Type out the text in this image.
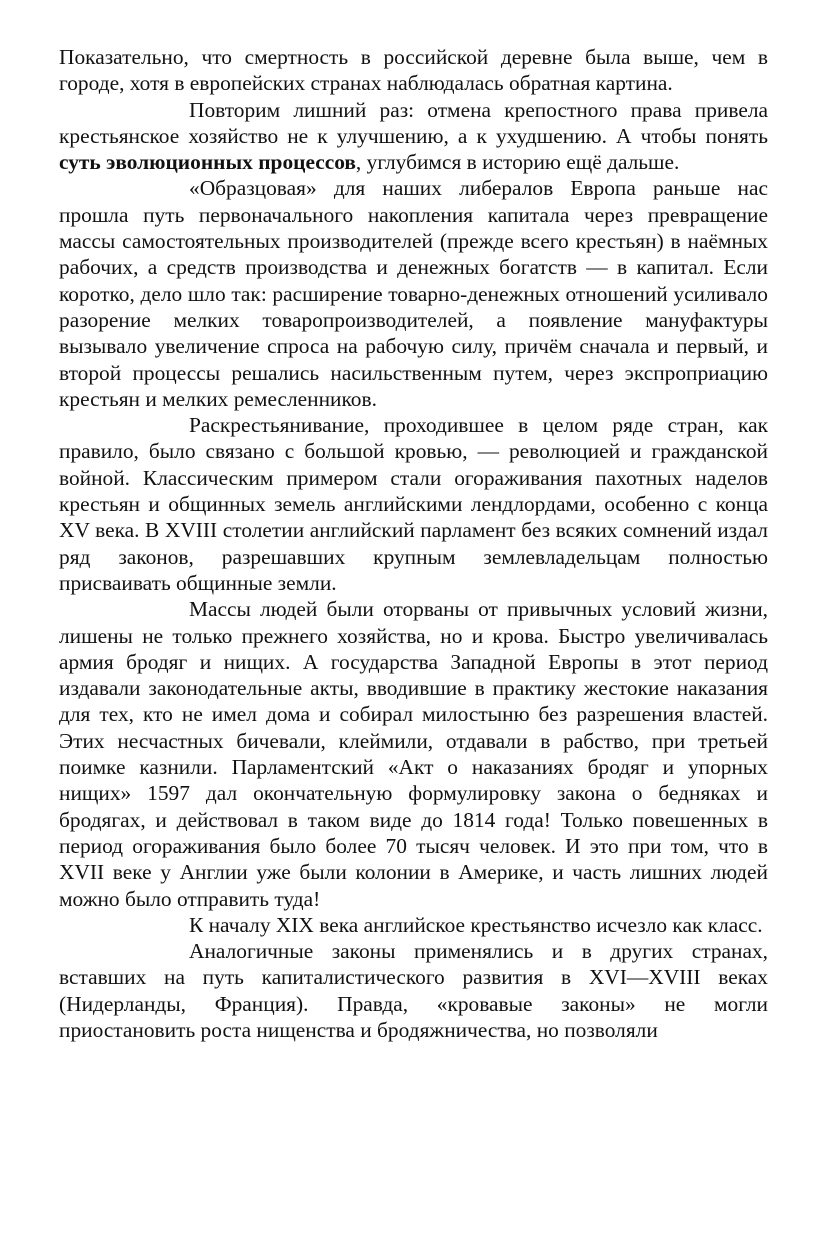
Показательно, что смертность в российской деревне была выше, чем в городе, хотя в европейских странах наблюдалась обратная картина.

Повторим лишний раз: отмена крепостного права привела крестьянское хозяйство не к улучшению, а к ухудшению. А чтобы понять суть эволюционных процессов, углубимся в историю ещё дальше.

«Образцовая» для наших либералов Европа раньше нас прошла путь первоначального накопления капитала через превращение массы самостоятельных производителей (прежде всего крестьян) в наёмных рабочих, а средств производства и денежных богатств — в капитал. Если коротко, дело шло так: расширение товарно-денежных отношений усиливало разорение мелких товаропроизводителей, а появление мануфактуры вызывало увеличение спроса на рабочую силу, причём сначала и первый, и второй процессы решались насильственным путем, через экспроприацию крестьян и мелких ремесленников.

Раскрестьянивание, проходившее в целом ряде стран, как правило, было связано с большой кровью, — революцией и гражданской войной. Классическим примером стали огораживания пахотных наделов крестьян и общинных земель английскими лендлордами, особенно с конца XV века. В XVIII столетии английский парламент без всяких сомнений издал ряд законов, разрешавших крупным землевладельцам полностью присваивать общинные земли.

Массы людей были оторваны от привычных условий жизни, лишены не только прежнего хозяйства, но и крова. Быстро увеличивалась армия бродяг и нищих. А государства Западной Европы в этот период издавали законодательные акты, вводившие в практику жестокие наказания для тех, кто не имел дома и собирал милостыню без разрешения властей. Этих несчастных бичевали, клеймили, отдавали в рабство, при третьей поимке казнили. Парламентский «Акт о наказаниях бродяг и упорных нищих» 1597 дал окончательную формулировку закона о бедняках и бродягах, и действовал в таком виде до 1814 года! Только повешенных в период огораживания было более 70 тысяч человек. И это при том, что в XVII веке у Англии уже были колонии в Америке, и часть лишних людей можно было отправить туда!

К началу XIX века английское крестьянство исчезло как класс.

Аналогичные законы применялись и в других странах, вставших на путь капиталистического развития в XVI—XVIII веках (Нидерланды, Франция). Правда, «кровавые законы» не могли приостановить роста нищенства и бродяжничества, но позволяли
